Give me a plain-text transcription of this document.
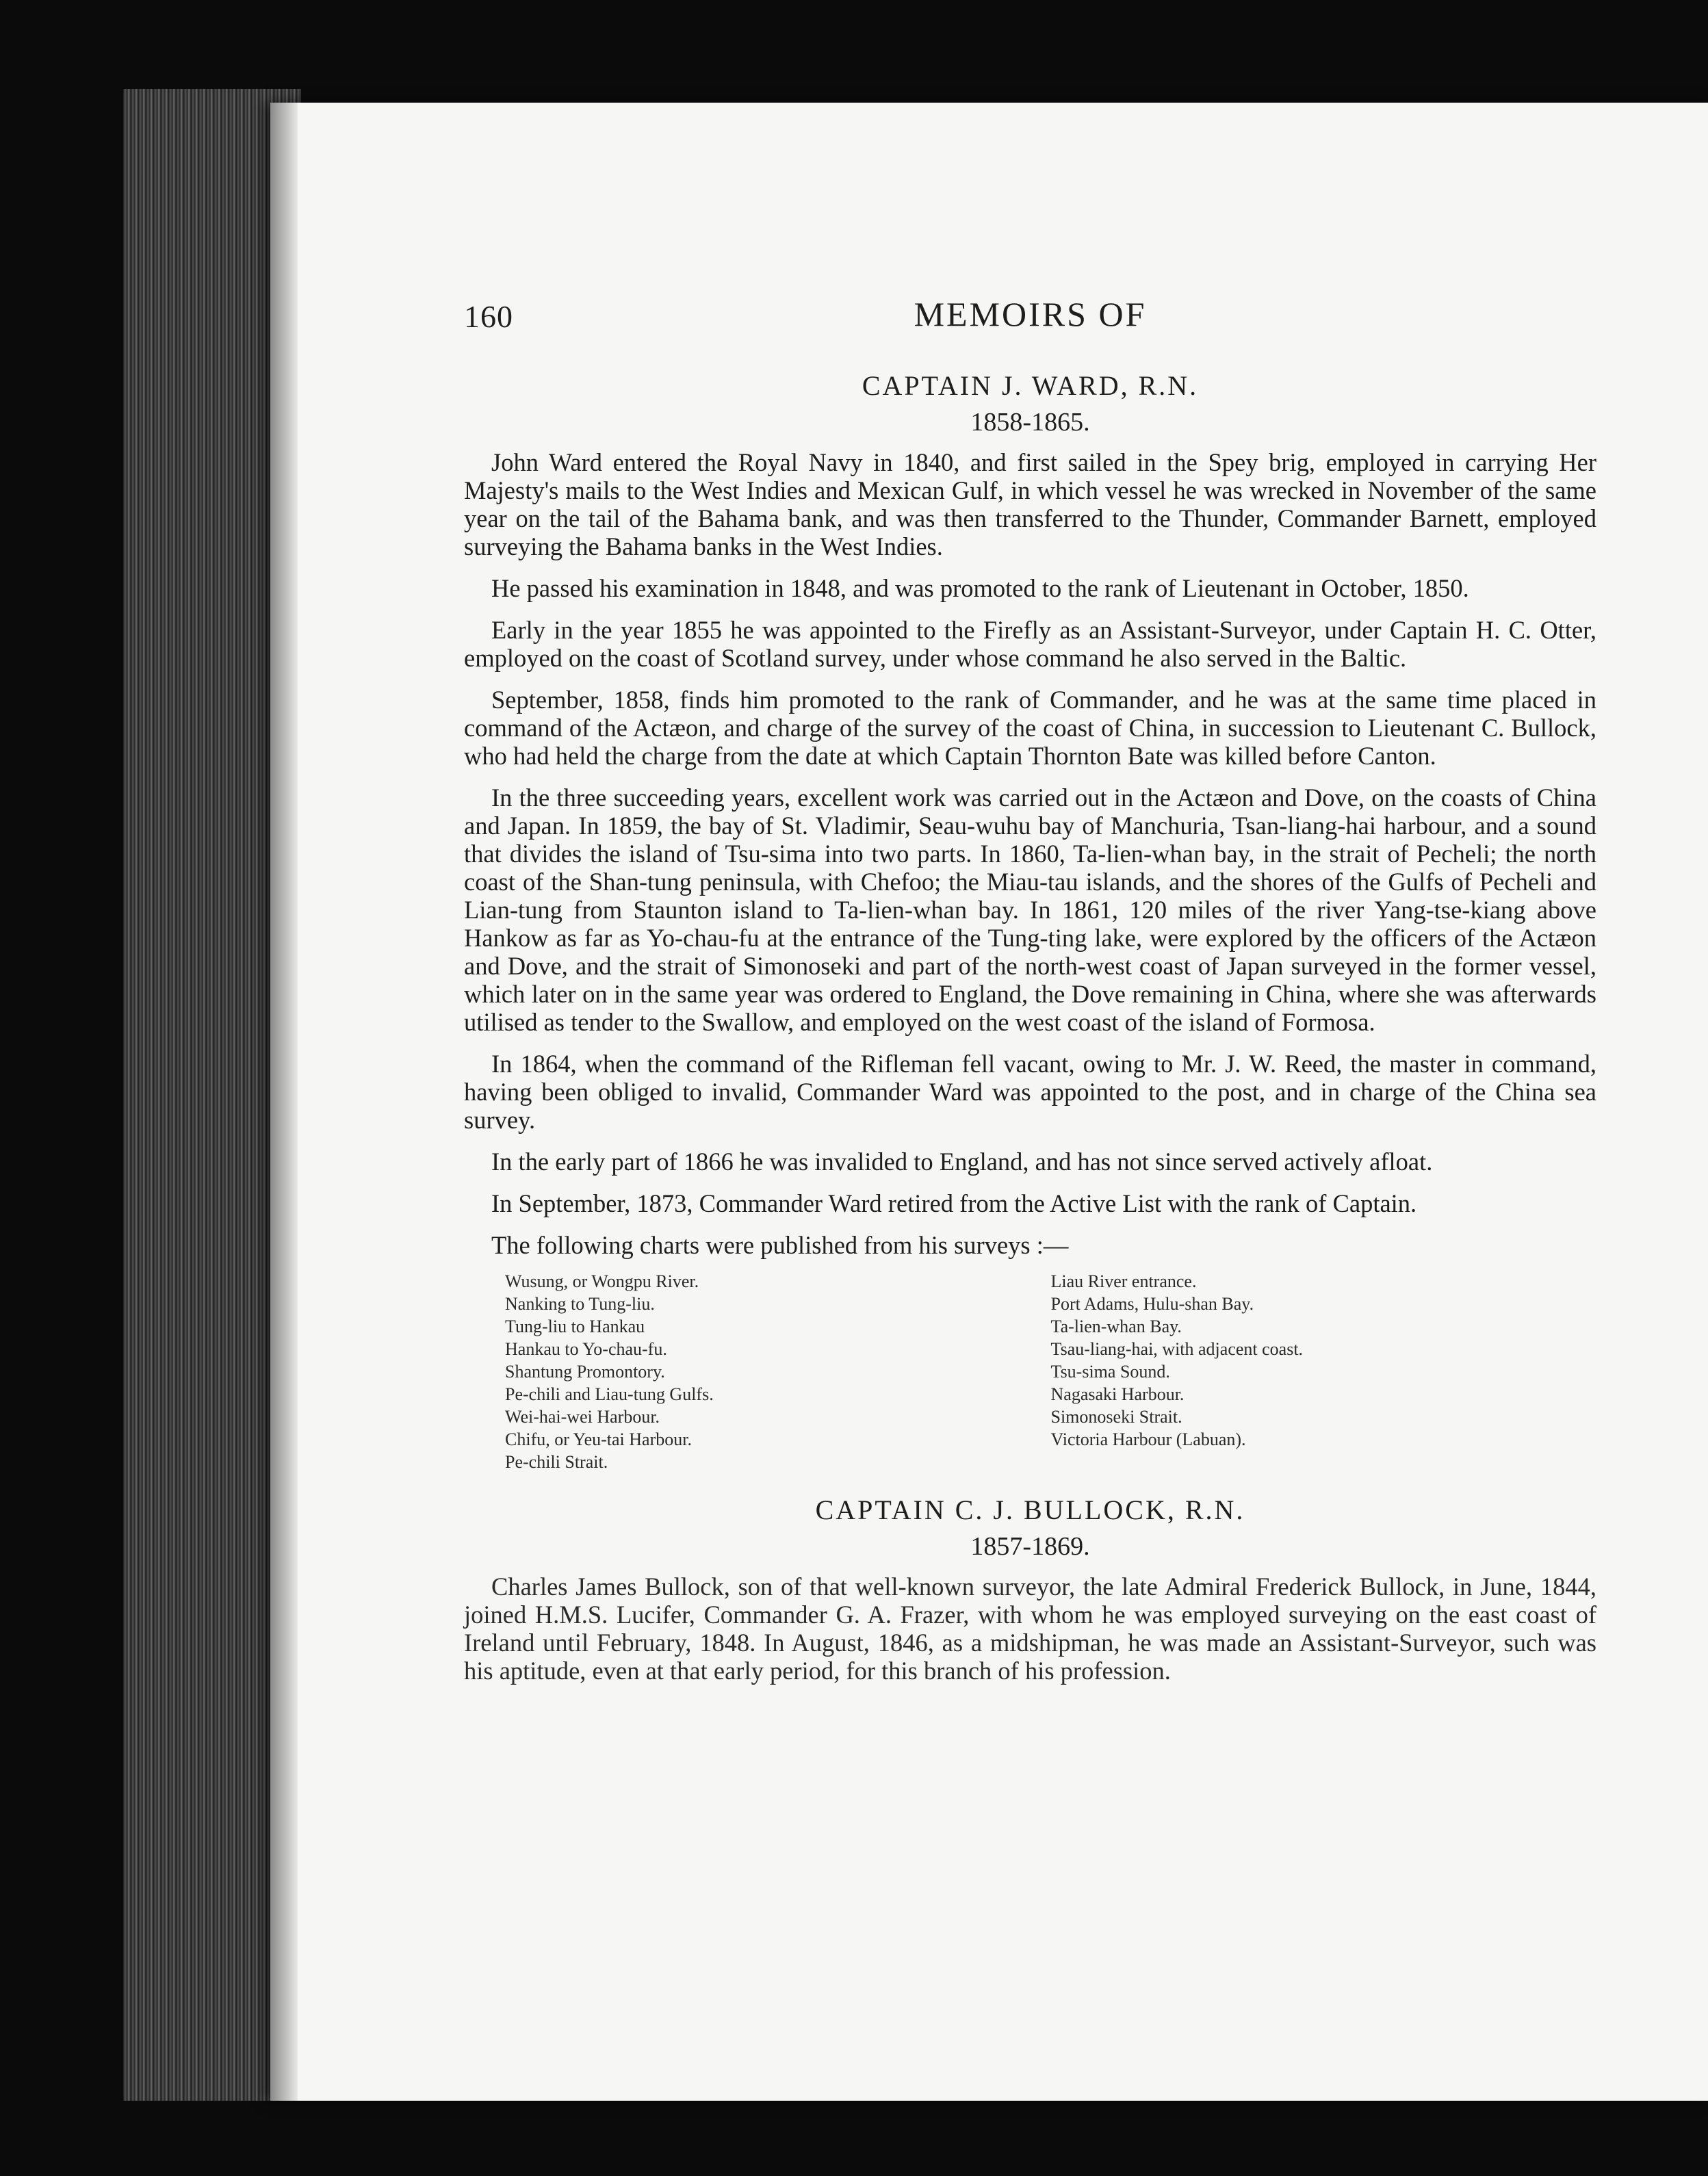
160	MEMOIRS OF
CAPTAIN J. WARD, R.N.
1858-1865.

John Ward entered the Royal Navy in 1840, and first sailed in the Spey brig, employed in carrying Her Majesty's mails to the West Indies and Mexican Gulf, in which vessel he was wrecked in November of the same year on the tail of the Bahama bank, and was then transferred to the Thunder, Commander Barnett, employed surveying the Bahama banks in the West Indies.

He passed his examination in 1848, and was promoted to the rank of Lieutenant in October, 1850.

Early in the year 1855 he was appointed to the Firefly as an Assistant-Surveyor, under Captain H. C. Otter, employed on the coast of Scotland survey, under whose command he also served in the Baltic.

September, 1858, finds him promoted to the rank of Commander, and he was at the same time placed in command of the Actæon, and charge of the survey of the coast of China, in succession to Lieutenant C. Bullock, who had held the charge from the date at which Captain Thornton Bate was killed before Canton.

In the three succeeding years, excellent work was carried out in the Actæon and Dove, on the coasts of China and Japan. In 1859, the bay of St. Vladimir, Seau-wuhu bay of Manchuria, Tsan-liang-hai harbour, and a sound that divides the island of Tsu-sima into two parts. In 1860, Ta-lien-whan bay, in the strait of Pecheli; the north coast of the Shan-tung peninsula, with Chefoo; the Miau-tau islands, and the shores of the Gulfs of Pecheli and Lian-tung from Staunton island to Ta-lien-whan bay. In 1861, 120 miles of the river Yang-tse-kiang above Hankow as far as Yo-chau-fu at the entrance of the Tung-ting lake, were explored by the officers of the Actæon and Dove, and the strait of Simonoseki and part of the north-west coast of Japan surveyed in the former vessel, which later on in the same year was ordered to England, the Dove remaining in China, where she was afterwards utilised as tender to the Swallow, and employed on the west coast of the island of Formosa.

In 1864, when the command of the Rifleman fell vacant, owing to Mr. J. W. Reed, the master in command, having been obliged to invalid, Commander Ward was appointed to the post, and in charge of the China sea survey.

In the early part of 1866 he was invalided to England, and has not since served actively afloat.

In September, 1873, Commander Ward retired from the Active List with the rank of Captain.

The following charts were published from his surveys :—
Wusung, or Wongpu River.
Nanking to Tung-liu.
Tung-liu to Hankau
Hankau to Yo-chau-fu.
Shantung Promontory.
Pe-chili and Liau-tung Gulfs.
Wei-hai-wei Harbour.
Chifu, or Yeu-tai Harbour.
Pe-chili Strait.
Liau River entrance.
Port Adams, Hulu-shan Bay.
Ta-lien-whan Bay.
Tsau-liang-hai, with adjacent coast.
Tsu-sima Sound.
Nagasaki Harbour.
Simonoseki Strait.
Victoria Harbour (Labuan).
CAPTAIN C. J. BULLOCK, R.N.
1857-1869.

Charles James Bullock, son of that well-known surveyor, the late Admiral Frederick Bullock, in June, 1844, joined H.M.S. Lucifer, Commander G. A. Frazer, with whom he was employed surveying on the east coast of Ireland until February, 1848. In August, 1846, as a midshipman, he was made an Assistant-Surveyor, such was his aptitude, even at that early period, for this branch of his profession.
